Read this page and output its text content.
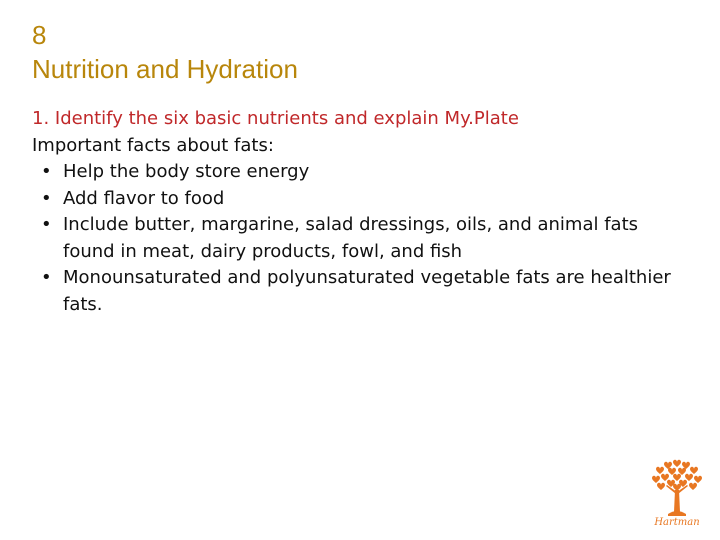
8
Nutrition and Hydration
1. Identify the six basic nutrients and explain My.Plate
Important facts about fats:
• Help the body store energy
• Add flavor to food
• Include butter, margarine, salad dressings, oils, and animal fats found in meat, dairy products, fowl, and fish
• Monounsaturated and polyunsaturated vegetable fats are healthier fats.
Hartman
